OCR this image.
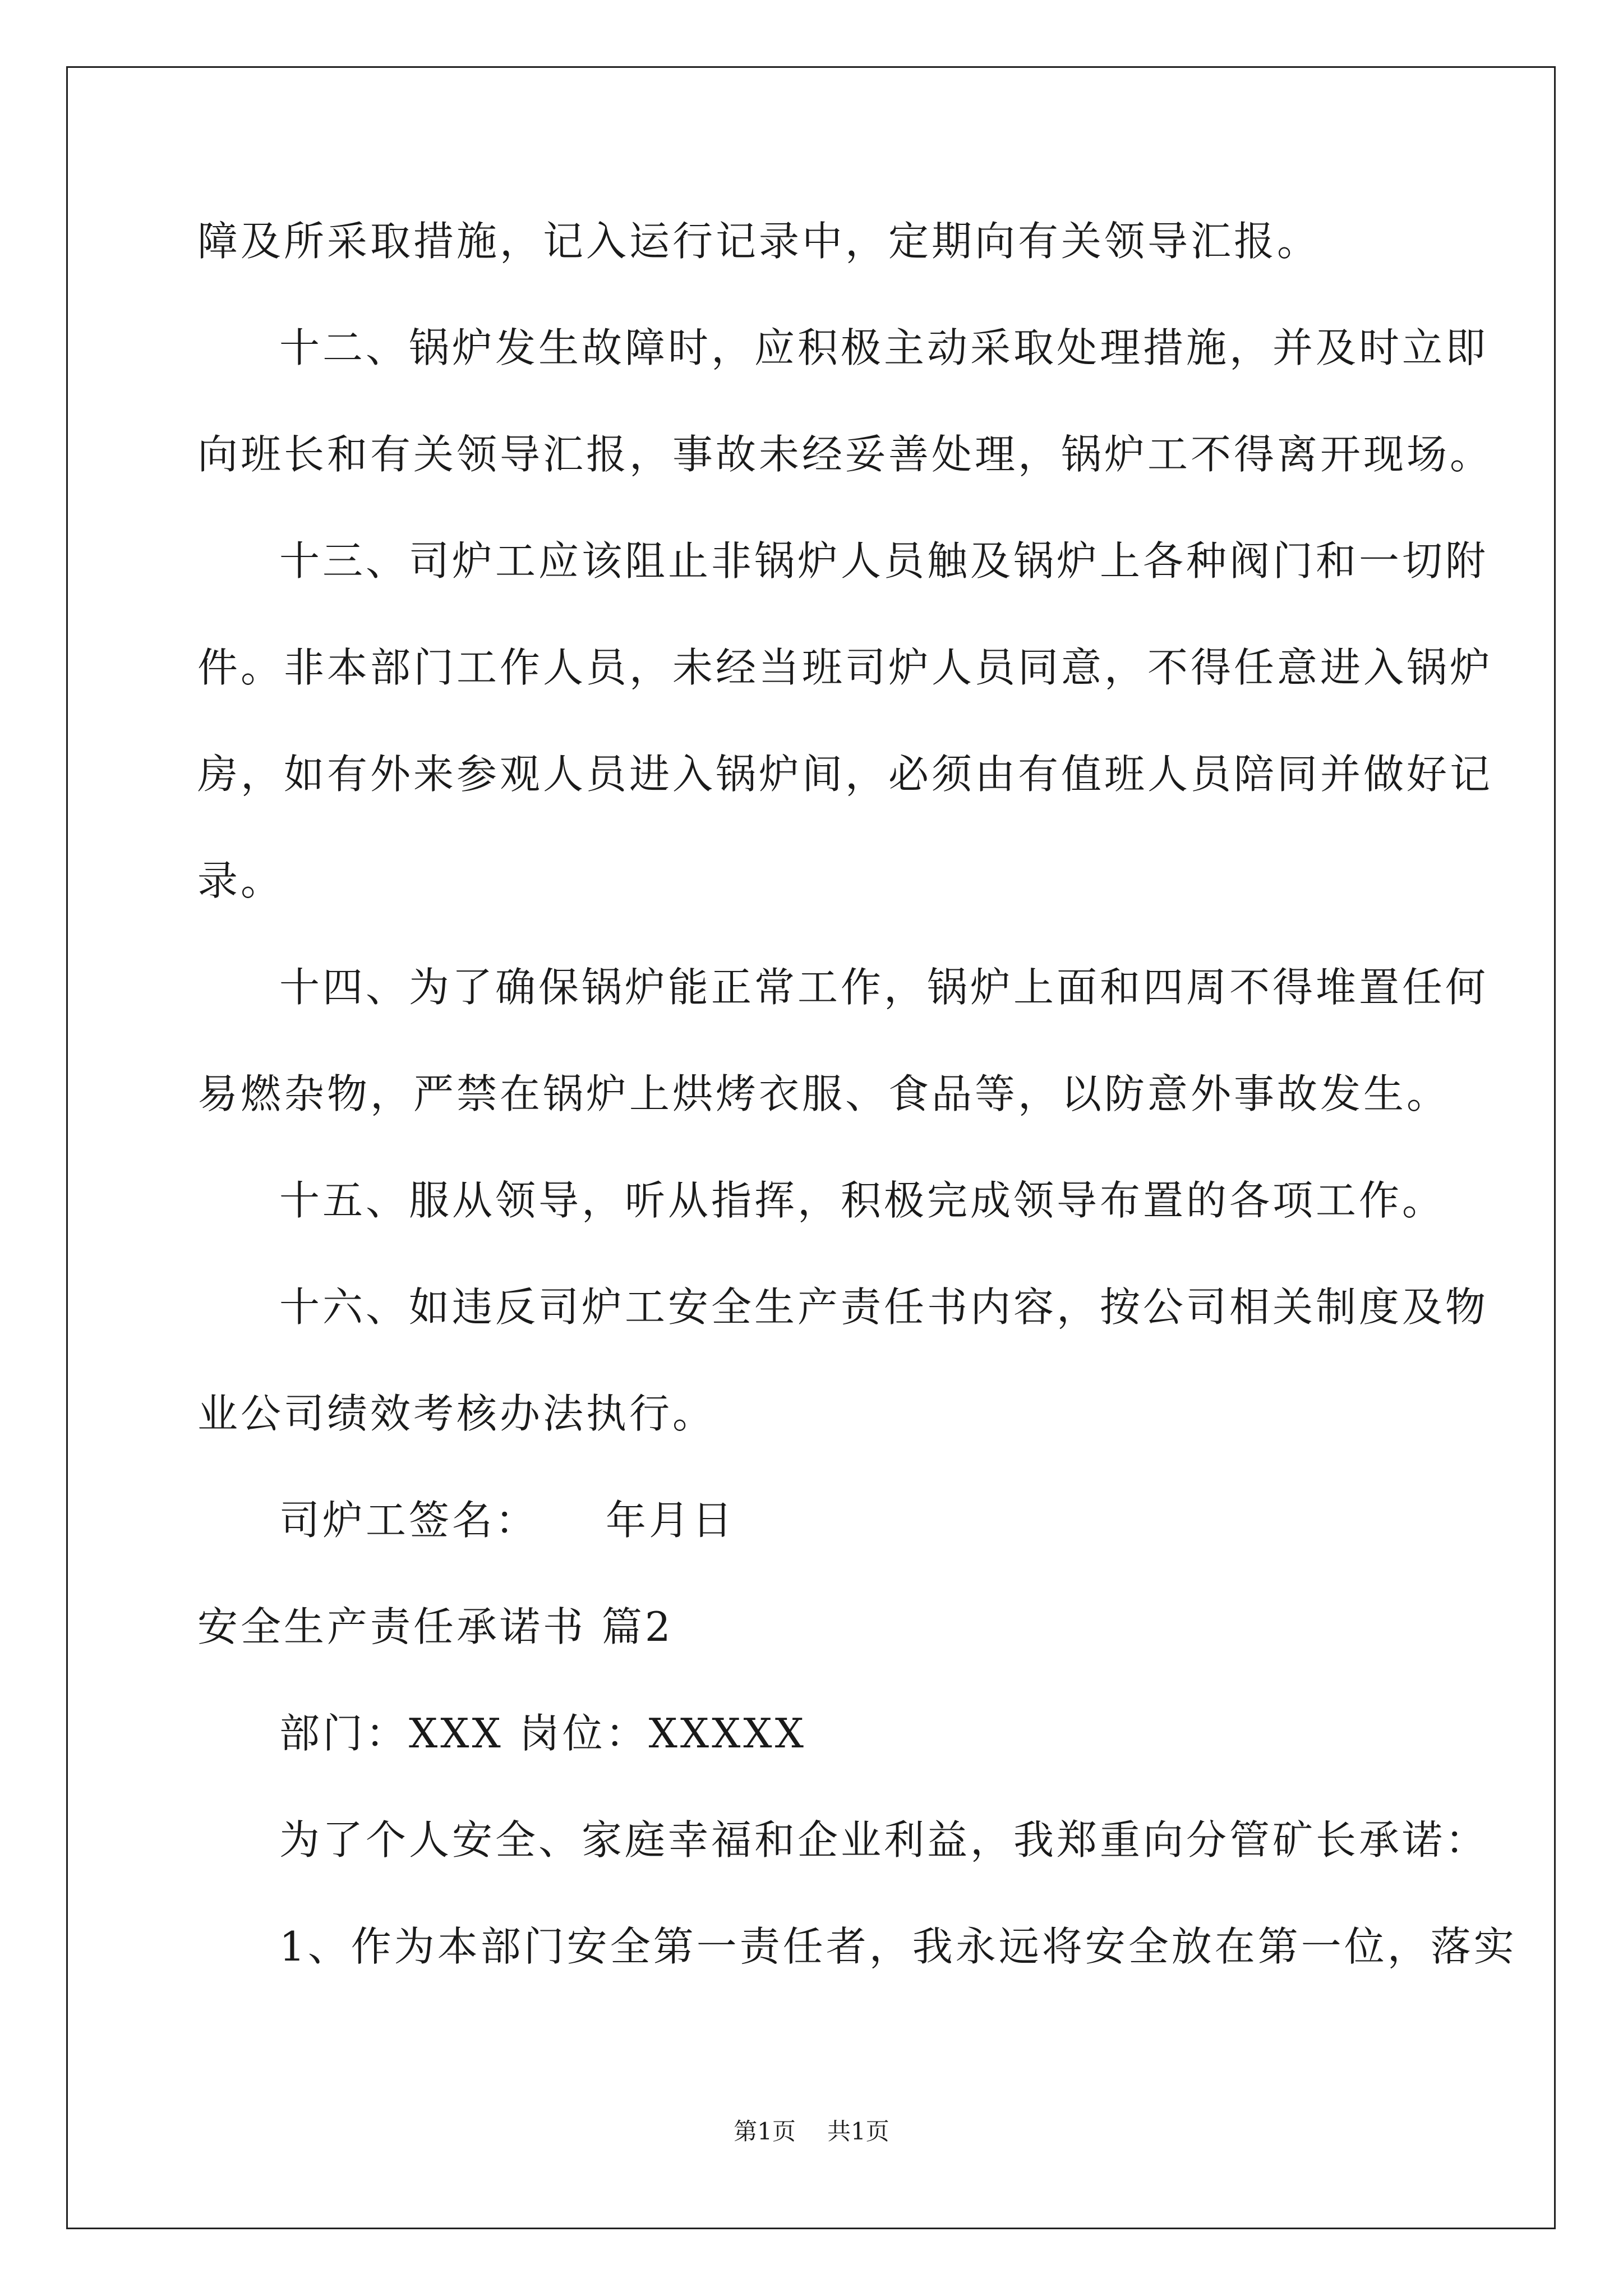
障及所采取措施，记入运行记录中，定期向有关领导汇报。
十二、锅炉发生故障时，应积极主动采取处理措施，并及时立即
向班长和有关领导汇报，事故未经妥善处理，锅炉工不得离开现场。
十三、司炉工应该阻止非锅炉人员触及锅炉上各种阀门和一切附
件。非本部门工作人员，未经当班司炉人员同意，不得任意进入锅炉
房，如有外来参观人员进入锅炉间，必须由有值班人员陪同并做好记
录。
十四、为了确保锅炉能正常工作，锅炉上面和四周不得堆置任何
易燃杂物，严禁在锅炉上烘烤衣服、食品等，以防意外事故发生。
十五、服从领导，听从指挥，积极完成领导布置的各项工作。
十六、如违反司炉工安全生产责任书内容，按公司相关制度及物
业公司绩效考核办法执行。
司炉工签名： 年月日
安全生产责任承诺书 篇2
部门：XXX 岗位：XXXXX
为了个人安全、家庭幸福和企业利益，我郑重向分管矿长承诺：
1、作为本部门安全第一责任者，我永远将安全放在第一位，落实
第1页 共1页
